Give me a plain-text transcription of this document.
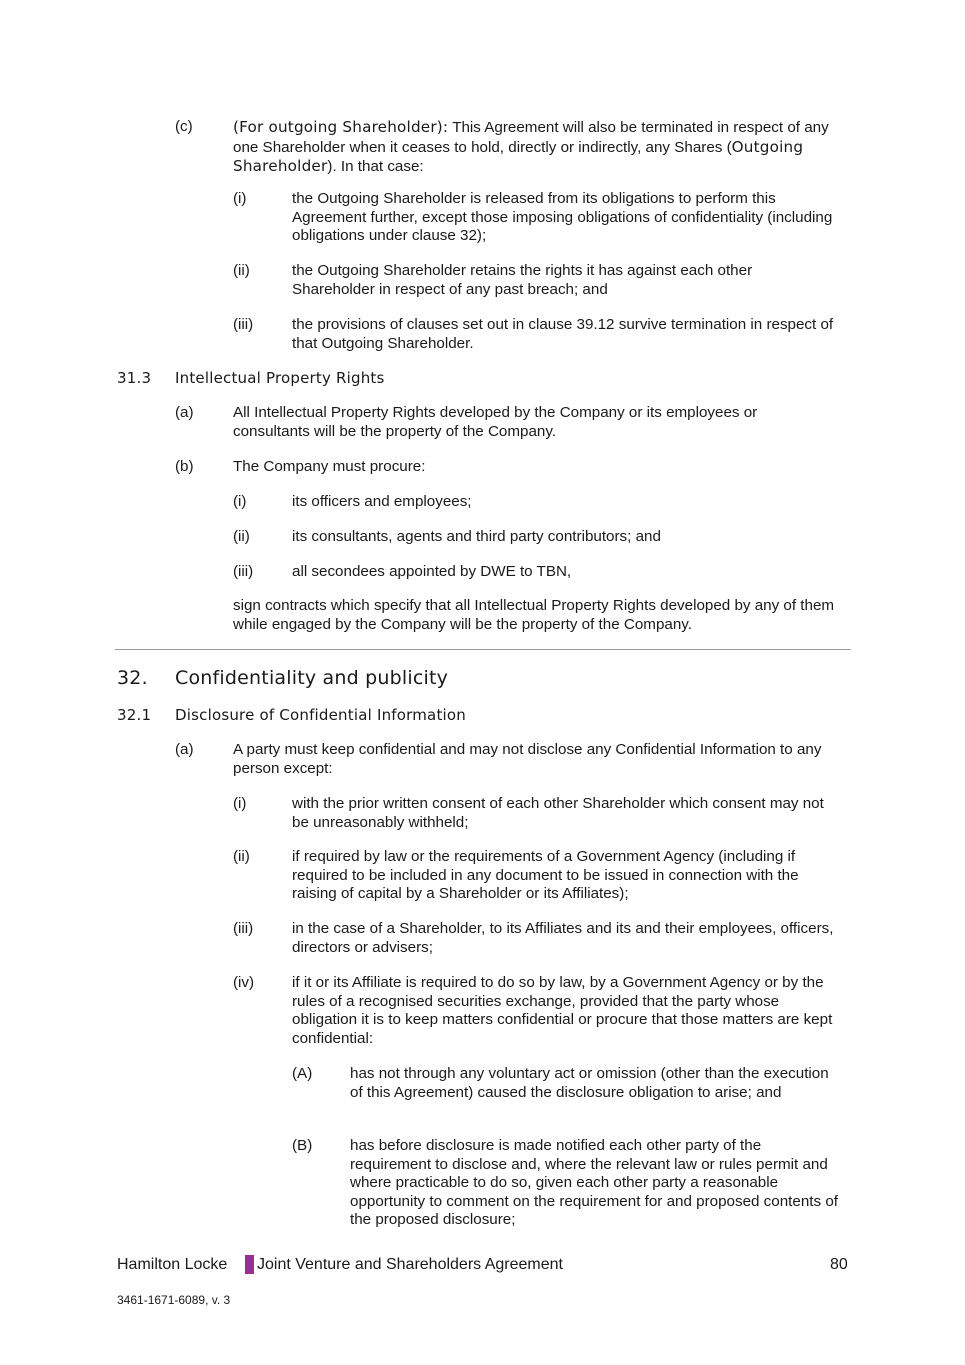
(c)	(For outgoing Shareholder): This Agreement will also be terminated in respect of any one Shareholder when it ceases to hold, directly or indirectly, any Shares (Outgoing Shareholder). In that case:
(i)	the Outgoing Shareholder is released from its obligations to perform this Agreement further, except those imposing obligations of confidentiality (including obligations under clause 32);
(ii)	the Outgoing Shareholder retains the rights it has against each other Shareholder in respect of any past breach; and
(iii)	the provisions of clauses set out in clause 39.12 survive termination in respect of that Outgoing Shareholder.
31.3 Intellectual Property Rights
(a)	All Intellectual Property Rights developed by the Company or its employees or consultants will be the property of the Company.
(b)	The Company must procure:
(i)	its officers and employees;
(ii)	its consultants, agents and third party contributors; and
(iii)	all secondees appointed by DWE to TBN,
sign contracts which specify that all Intellectual Property Rights developed by any of them while engaged by the Company will be the property of the Company.
32. Confidentiality and publicity
32.1 Disclosure of Confidential Information
(a)	A party must keep confidential and may not disclose any Confidential Information to any person except:
(i)	with the prior written consent of each other Shareholder which consent may not be unreasonably withheld;
(ii)	if required by law or the requirements of a Government Agency (including if required to be included in any document to be issued in connection with the raising of capital by a Shareholder or its Affiliates);
(iii)	in the case of a Shareholder, to its Affiliates and its and their employees, officers, directors or advisers;
(iv) if it or its Affiliate is required to do so by law, by a Government Agency or by the rules of a recognised securities exchange, provided that the party whose obligation it is to keep matters confidential or procure that those matters are kept confidential:
(A) has not through any voluntary act or omission (other than the execution of this Agreement) caused the disclosure obligation to arise; and
(B) has before disclosure is made notified each other party of the requirement to disclose and, where the relevant law or rules permit and where practicable to do so, given each other party a reasonable opportunity to comment on the requirement for and proposed contents of the proposed disclosure;
Hamilton Locke Joint Venture and Shareholders Agreement	80
3461-1671-6089, v. 3
